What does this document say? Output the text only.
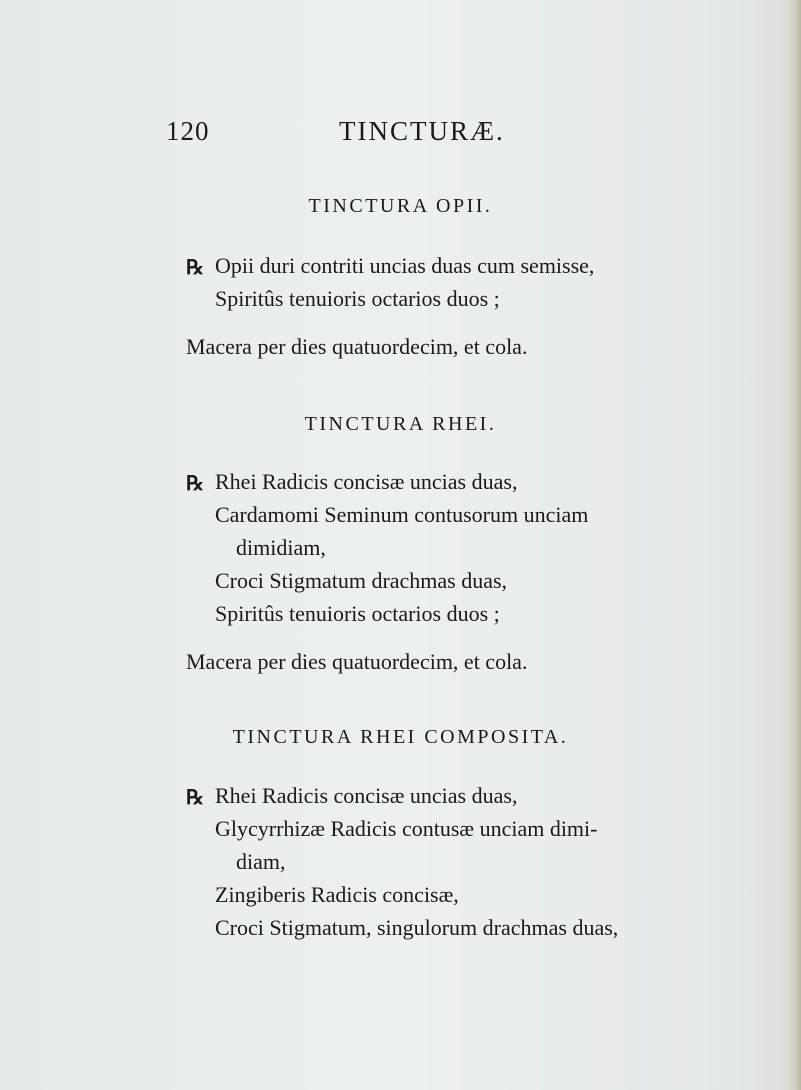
120	TINCTURÆ.
TINCTURA OPII.
℞ Opii duri contriti uncias duas cum semisse,
Spiritûs tenuioris octarios duos ;
Macera per dies quatuordecim, et cola.
TINCTURA RHEI.
℞ Rhei Radicis concisæ uncias duas,
Cardamomi Seminum contusorum unciam
dimidiam,
Croci Stigmatum drachmas duas,
Spiritûs tenuioris octarios duos ;
Macera per dies quatuordecim, et cola.
TINCTURA RHEI COMPOSITA.
℞ Rhei Radicis concisæ uncias duas,
Glycyrrhizæ Radicis contusæ unciam dimi-
diam,
Zingiberis Radicis concisæ,
Croci Stigmatum, singulorum drachmas duas,
